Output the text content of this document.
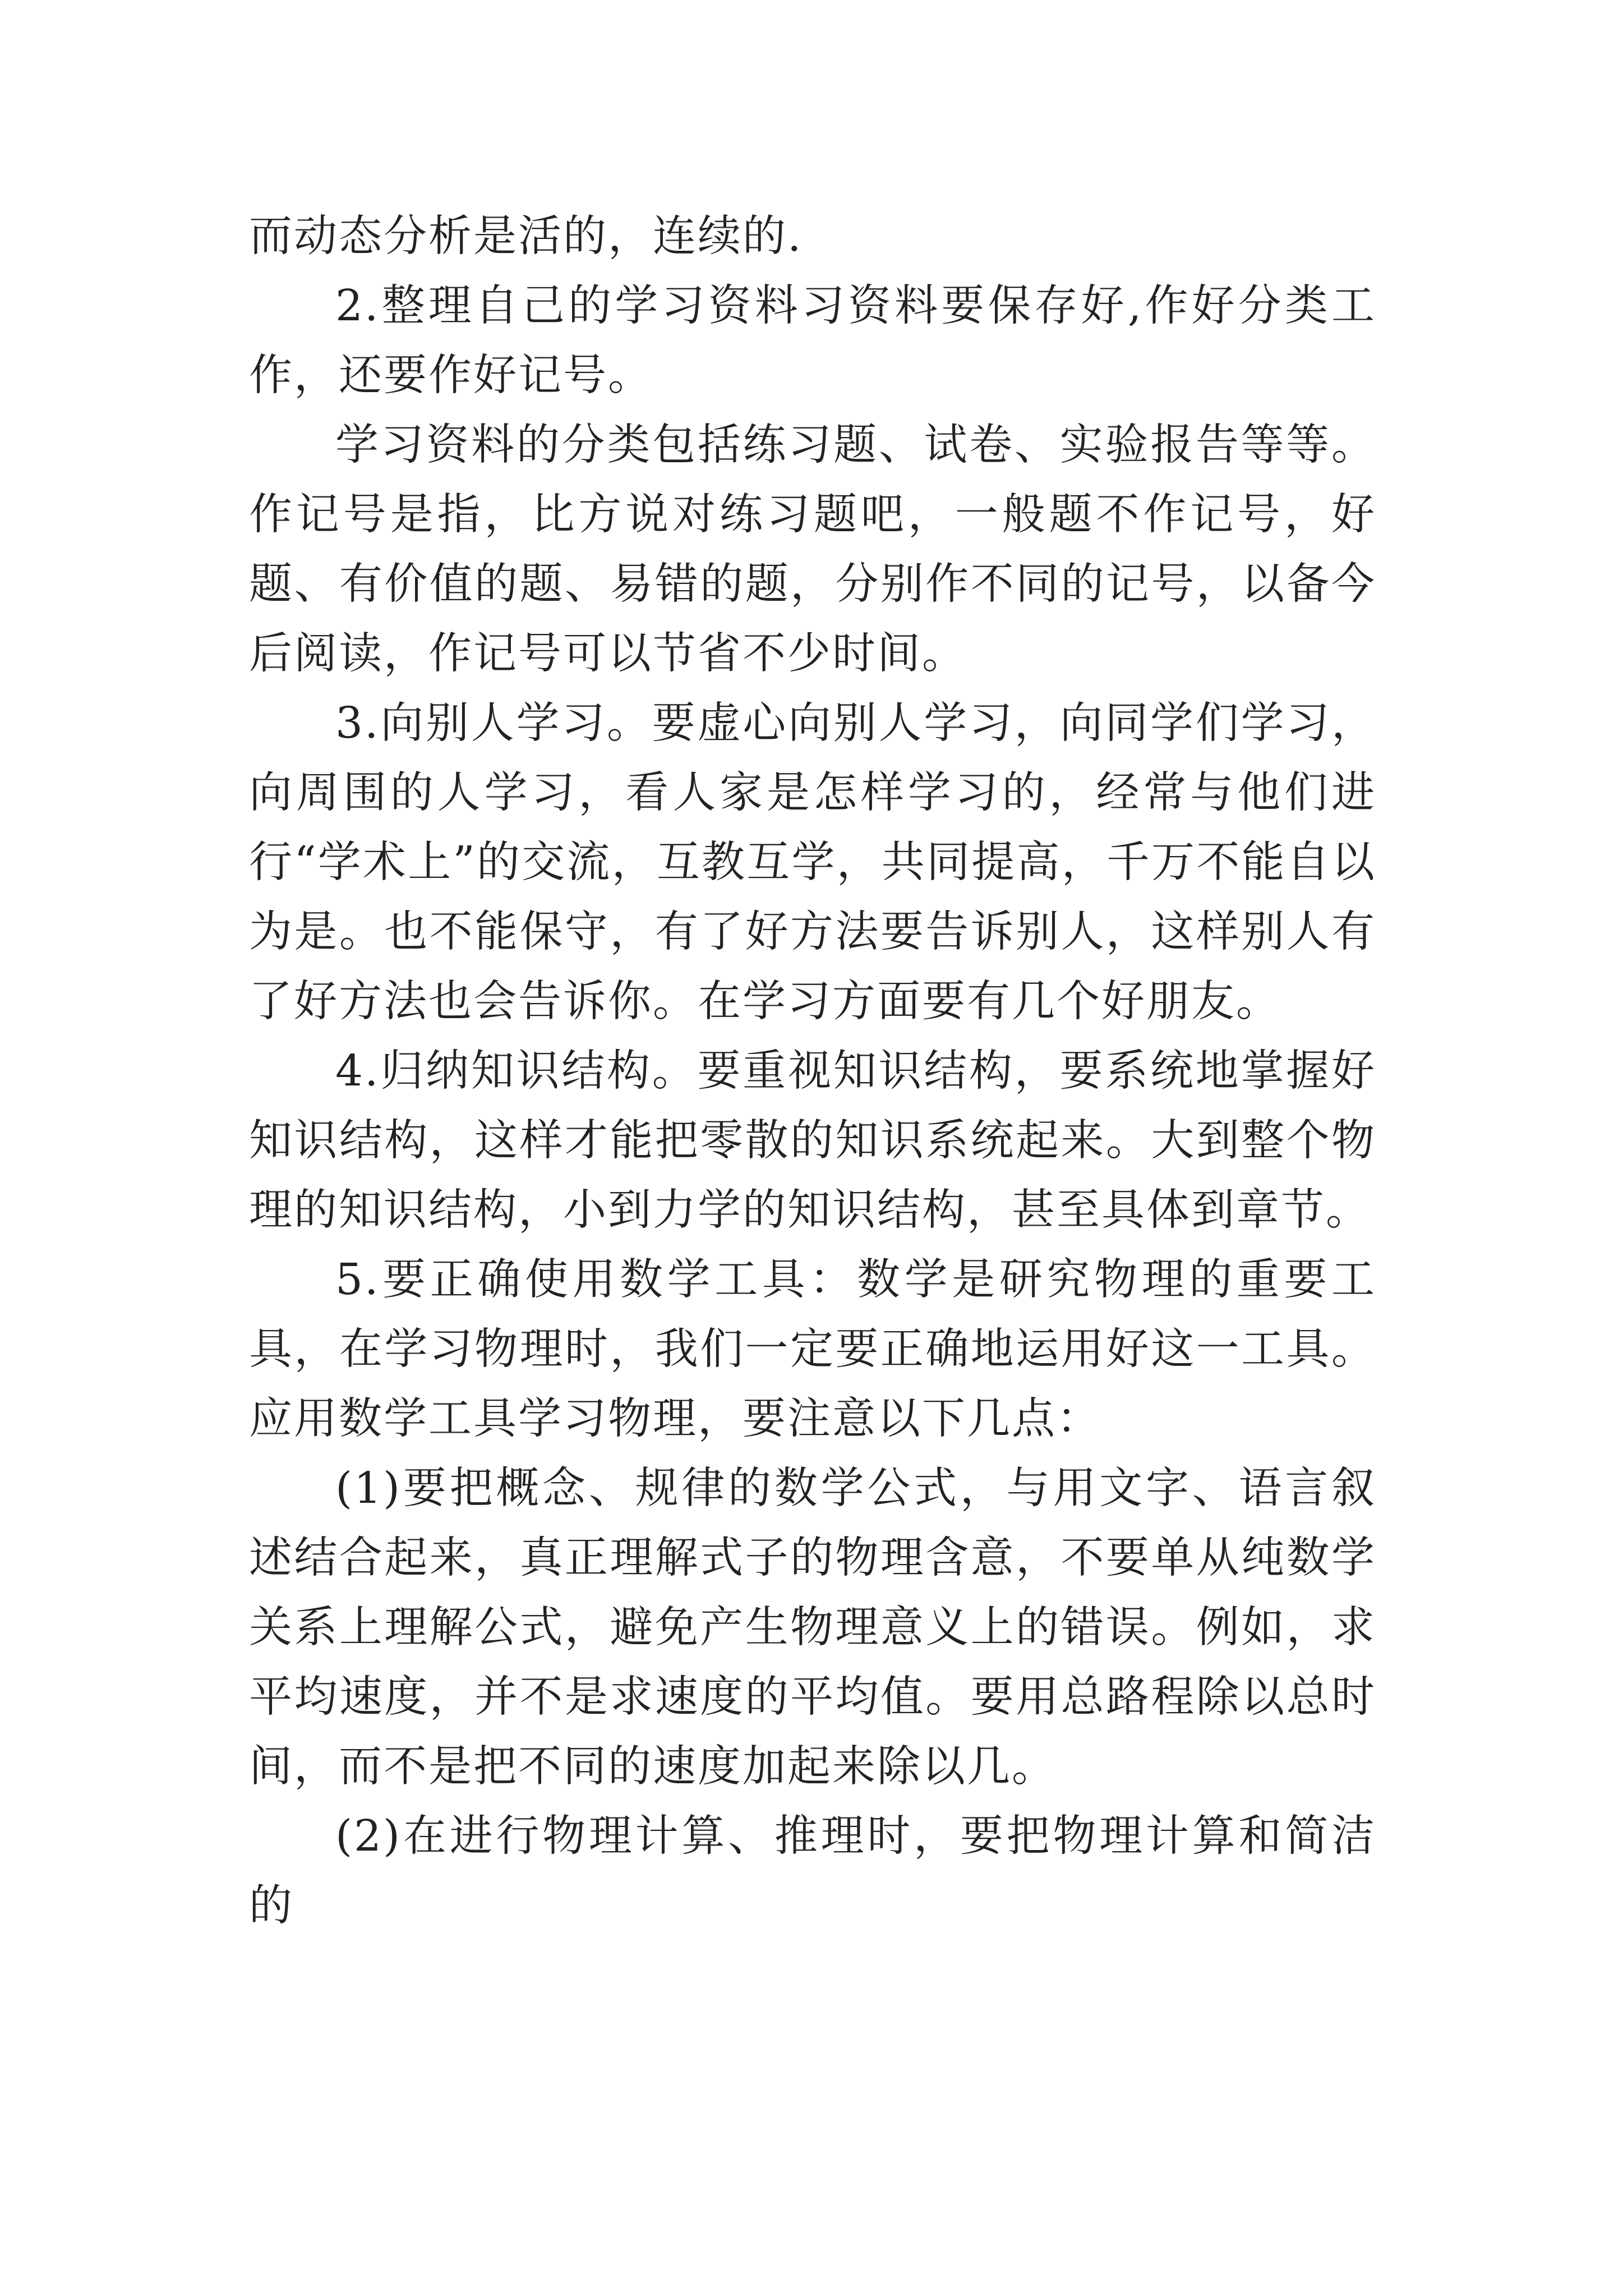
而动态分析是活的，连续的.

2.整理自己的学习资料习资料要保存好,作好分类工作，还要作好记号。

学习资料的分类包括练习题、试卷、实验报告等等。作记号是指，比方说对练习题吧，一般题不作记号，好题、有价值的题、易错的题，分别作不同的记号，以备今后阅读，作记号可以节省不少时间。

3.向别人学习。要虚心向别人学习，向同学们学习，向周围的人学习，看人家是怎样学习的，经常与他们进行“学术上”的交流，互教互学，共同提高，千万不能自以为是。也不能保守，有了好方法要告诉别人，这样别人有了好方法也会告诉你。在学习方面要有几个好朋友。

4.归纳知识结构。要重视知识结构，要系统地掌握好知识结构，这样才能把零散的知识系统起来。大到整个物理的知识结构，小到力学的知识结构，甚至具体到章节。

5.要正确使用数学工具：数学是研究物理的重要工具，在学习物理时，我们一定要正确地运用好这一工具。应用数学工具学习物理，要注意以下几点：

(1)要把概念、规律的数学公式，与用文字、语言叙述结合起来，真正理解式子的物理含意，不要单从纯数学关系上理解公式，避免产生物理意义上的错误。例如，求平均速度，并不是求速度的平均值。要用总路程除以总时间，而不是把不同的速度加起来除以几。

(2)在进行物理计算、推理时，要把物理计算和简洁的
